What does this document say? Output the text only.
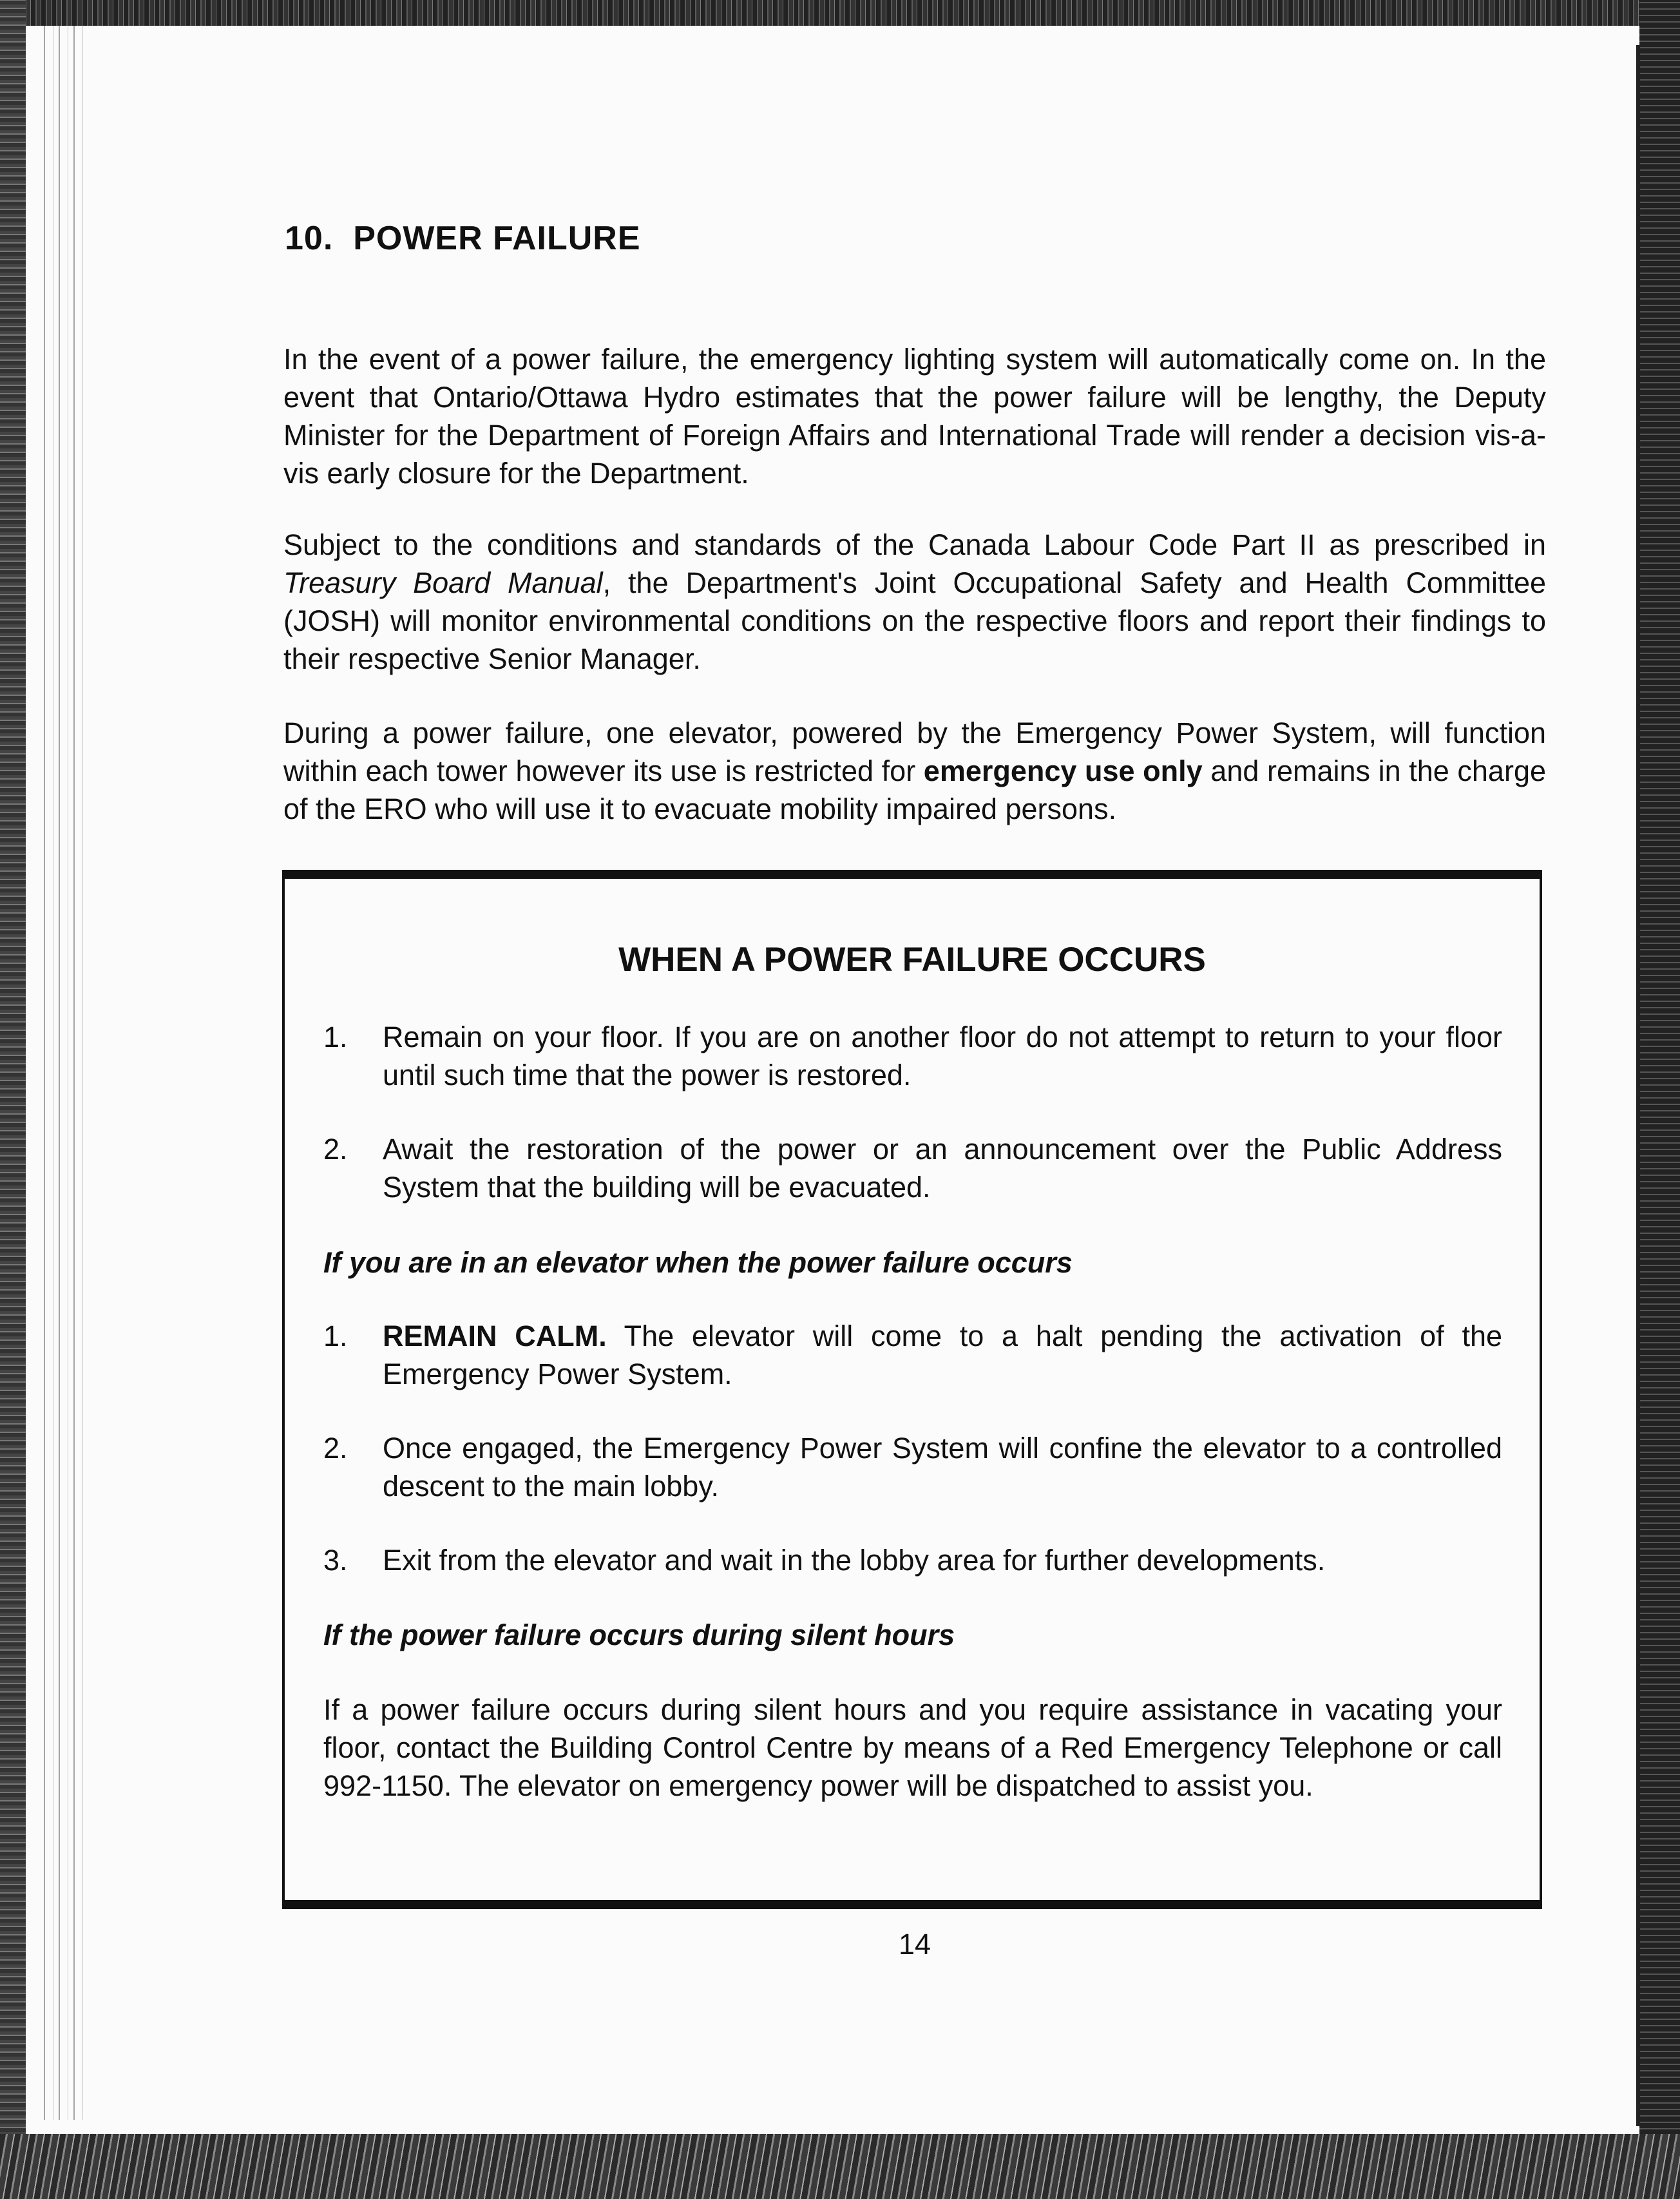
10. POWER FAILURE

In the event of a power failure, the emergency lighting system will automatically come on. In the event that Ontario/Ottawa Hydro estimates that the power failure will be lengthy, the Deputy Minister for the Department of Foreign Affairs and International Trade will render a decision vis-a-vis early closure for the Department.

Subject to the conditions and standards of the Canada Labour Code Part II as prescribed in Treasury Board Manual, the Department's Joint Occupational Safety and Health Committee (JOSH) will monitor environmental conditions on the respective floors and report their findings to their respective Senior Manager.

During a power failure, one elevator, powered by the Emergency Power System, will function within each tower however its use is restricted for emergency use only and remains in the charge of the ERO who will use it to evacuate mobility impaired persons.

WHEN A POWER FAILURE OCCURS
1.	Remain on your floor. If you are on another floor do not attempt to return to your floor until such time that the power is restored.
2.	Await the restoration of the power or an announcement over the Public Address System that the building will be evacuated.
If you are in an elevator when the power failure occurs
1.	REMAIN CALM. The elevator will come to a halt pending the activation of the Emergency Power System.
2.	Once engaged, the Emergency Power System will confine the elevator to a controlled descent to the main lobby.
3.	Exit from the elevator and wait in the lobby area for further developments.
If the power failure occurs during silent hours
If a power failure occurs during silent hours and you require assistance in vacating your floor, contact the Building Control Centre by means of a Red Emergency Telephone or call 992-1150. The elevator on emergency power will be dispatched to assist you.
14
